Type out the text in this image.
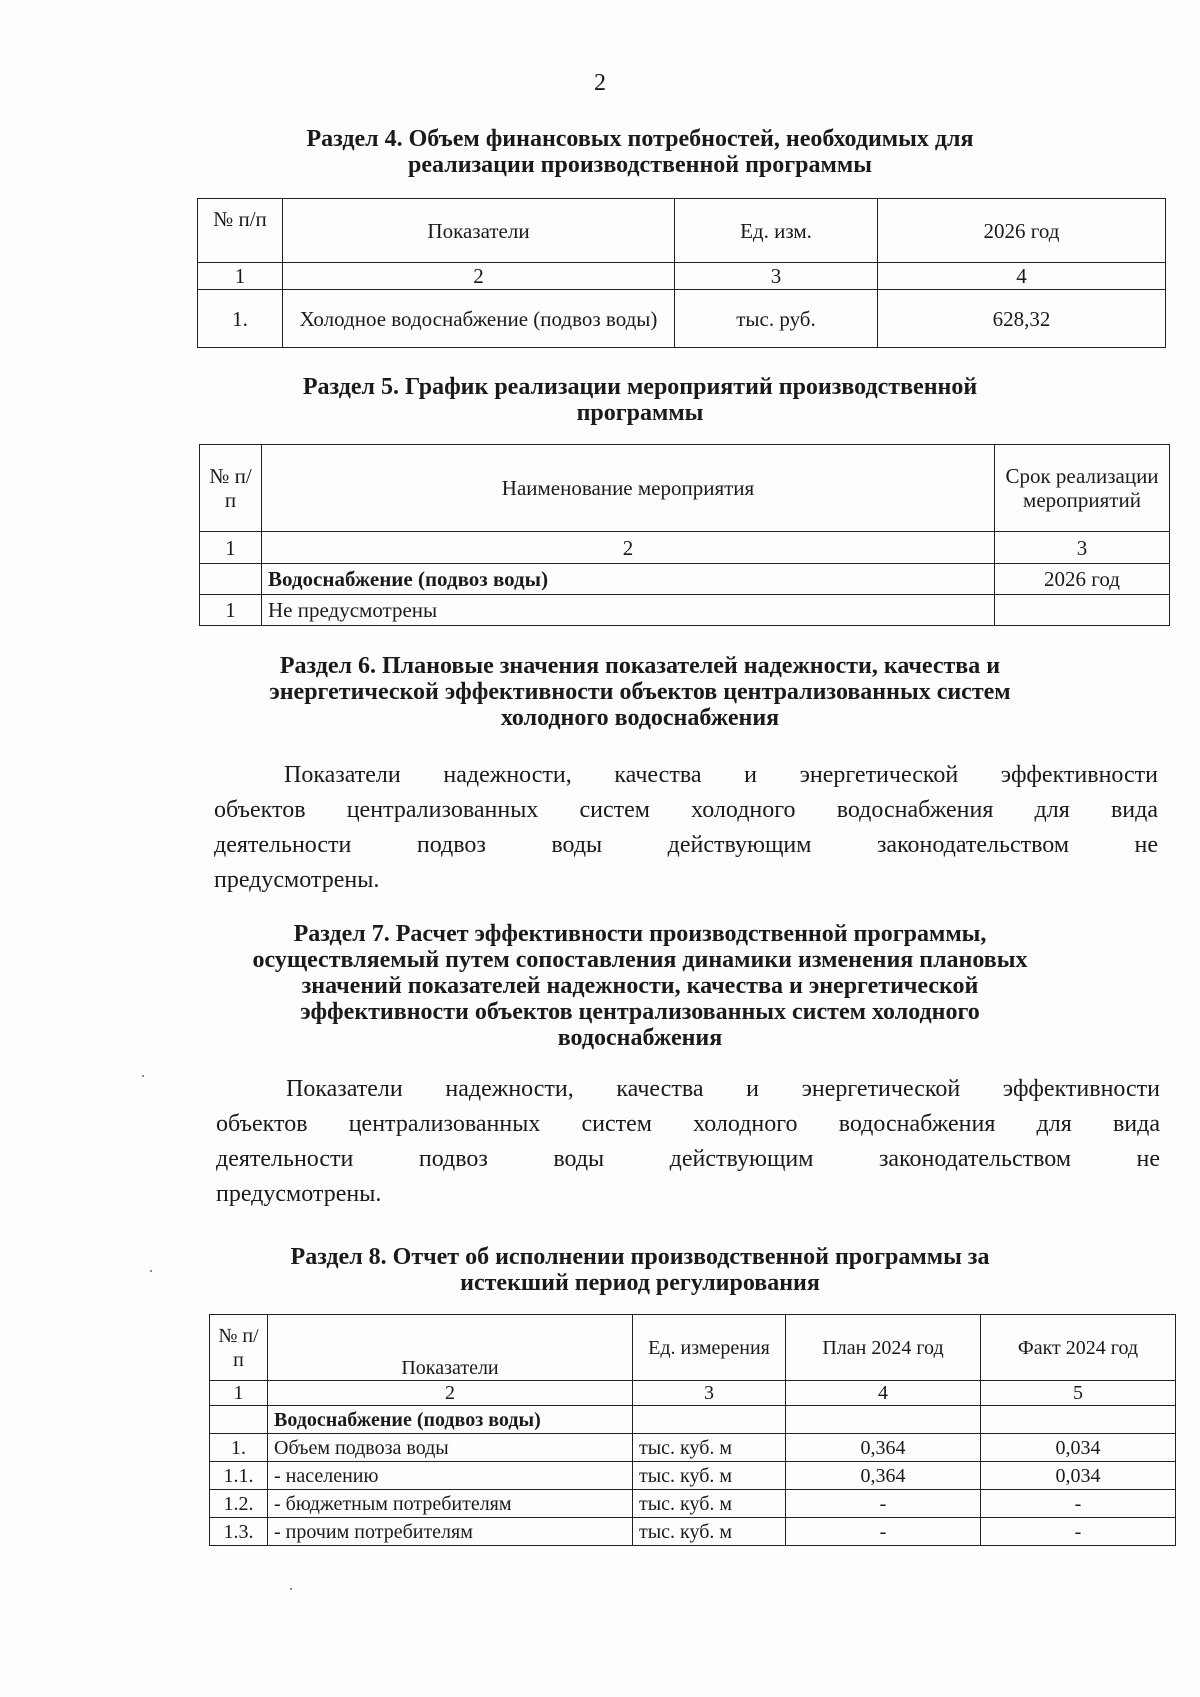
2
Раздел 4. Объем финансовых потребностей, необходимых для
реализации производственной программы
№ п/п	Показатели	Ед. изм.	2026 год
1	2	3	4
1.	Холодное водоснабжение (подвоз воды)	тыс. руб.	628,32
Раздел 5. График реализации мероприятий производственной
программы
№ п/п	Наименование мероприятия	Срок реализации мероприятий
1	2	3
	Водоснабжение (подвоз воды)	2026 год
1	Не предусмотрены	
Раздел 6. Плановые значения показателей надежности, качества и
энергетической эффективности объектов централизованных систем
холодного водоснабжения
Показатели надежности, качества и энергетической эффективности
объектов централизованных систем холодного водоснабжения для вида
деятельности подвоз воды действующим законодательством не
предусмотрены.
Раздел 7. Расчет эффективности производственной программы,
осуществляемый путем сопоставления динамики изменения плановых
значений показателей надежности, качества и энергетической
эффективности объектов централизованных систем холодного
водоснабжения
Показатели надежности, качества и энергетической эффективности
объектов централизованных систем холодного водоснабжения для вида
деятельности подвоз воды действующим законодательством не
предусмотрены.
Раздел 8. Отчет об исполнении производственной программы за
истекший период регулирования
№ п/п	Показатели	Ед. измерения	План 2024 год	Факт 2024 год
1	2	3	4	5
	Водоснабжение (подвоз воды)			
1.	Объем подвоза воды	тыс. куб. м	0,364	0,034
1.1.	- населению	тыс. куб. м	0,364	0,034
1.2.	- бюджетным потребителям	тыс. куб. м	-	-
1.3.	- прочим потребителям	тыс. куб. м	-	-
